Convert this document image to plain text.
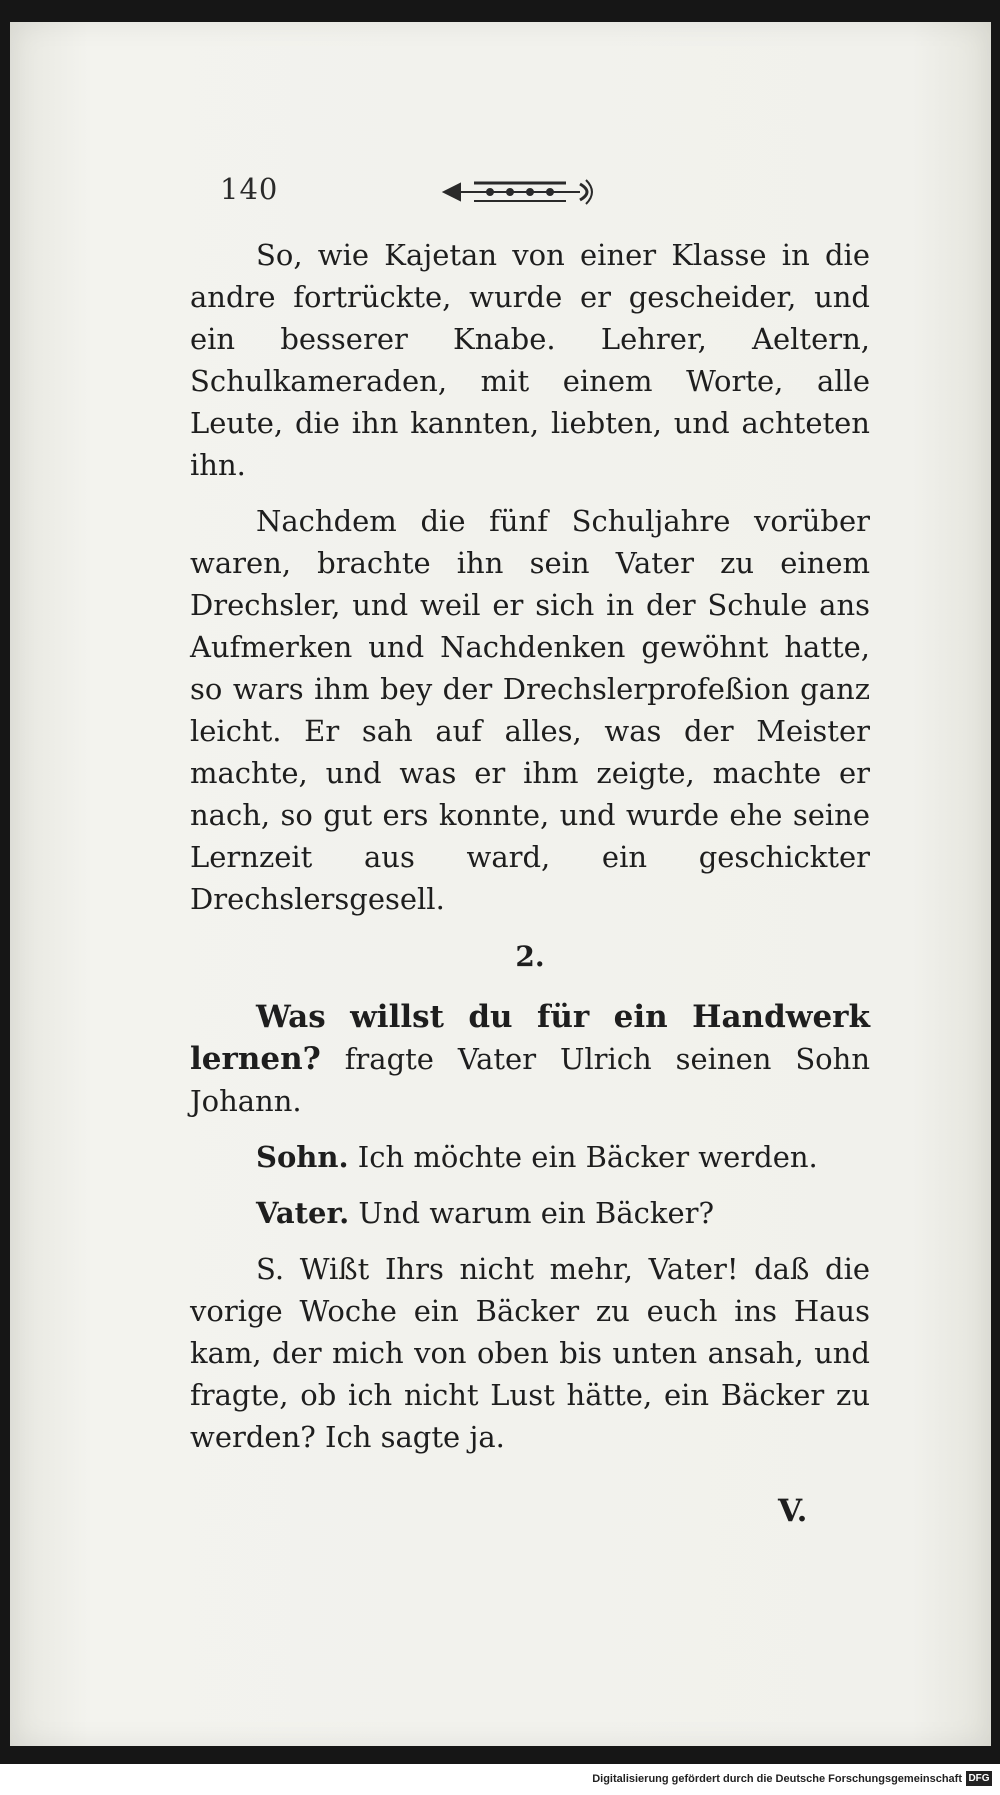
140

So, wie Kajetan von einer Klasse in die andre fortrückte, wurde er gescheider, und ein besserer Knabe. Lehrer, Aeltern, Schulkameraden, mit einem Worte, alle Leute, die ihn kannten, liebten, und achteten ihn.

Nachdem die fünf Schuljahre vorüber waren, brachte ihn sein Vater zu einem Drechsler, und weil er sich in der Schule ans Aufmerken und Nachdenken gewöhnt hatte, so wars ihm bey der Drechslerprofeßion ganz leicht. Er sah auf alles, was der Meister machte, und was er ihm zeigte, machte er nach, so gut ers konnte, und wurde ehe seine Lernzeit aus ward, ein geschickter Drechslersgesell.

2.

Was willst du für ein Handwerk lernen? fragte Vater Ulrich seinen Sohn Johann.

Sohn. Ich möchte ein Bäcker werden.

Vater. Und warum ein Bäcker?

S. Wißt Ihrs nicht mehr, Vater! daß die vorige Woche ein Bäcker zu euch ins Haus kam, der mich von oben bis unten ansah, und fragte, ob ich nicht Lust hätte, ein Bäcker zu werden? Ich sagte ja.

V.
Digitalisierung gefördert durch die Deutsche Forschungsgemeinschaft DFG
